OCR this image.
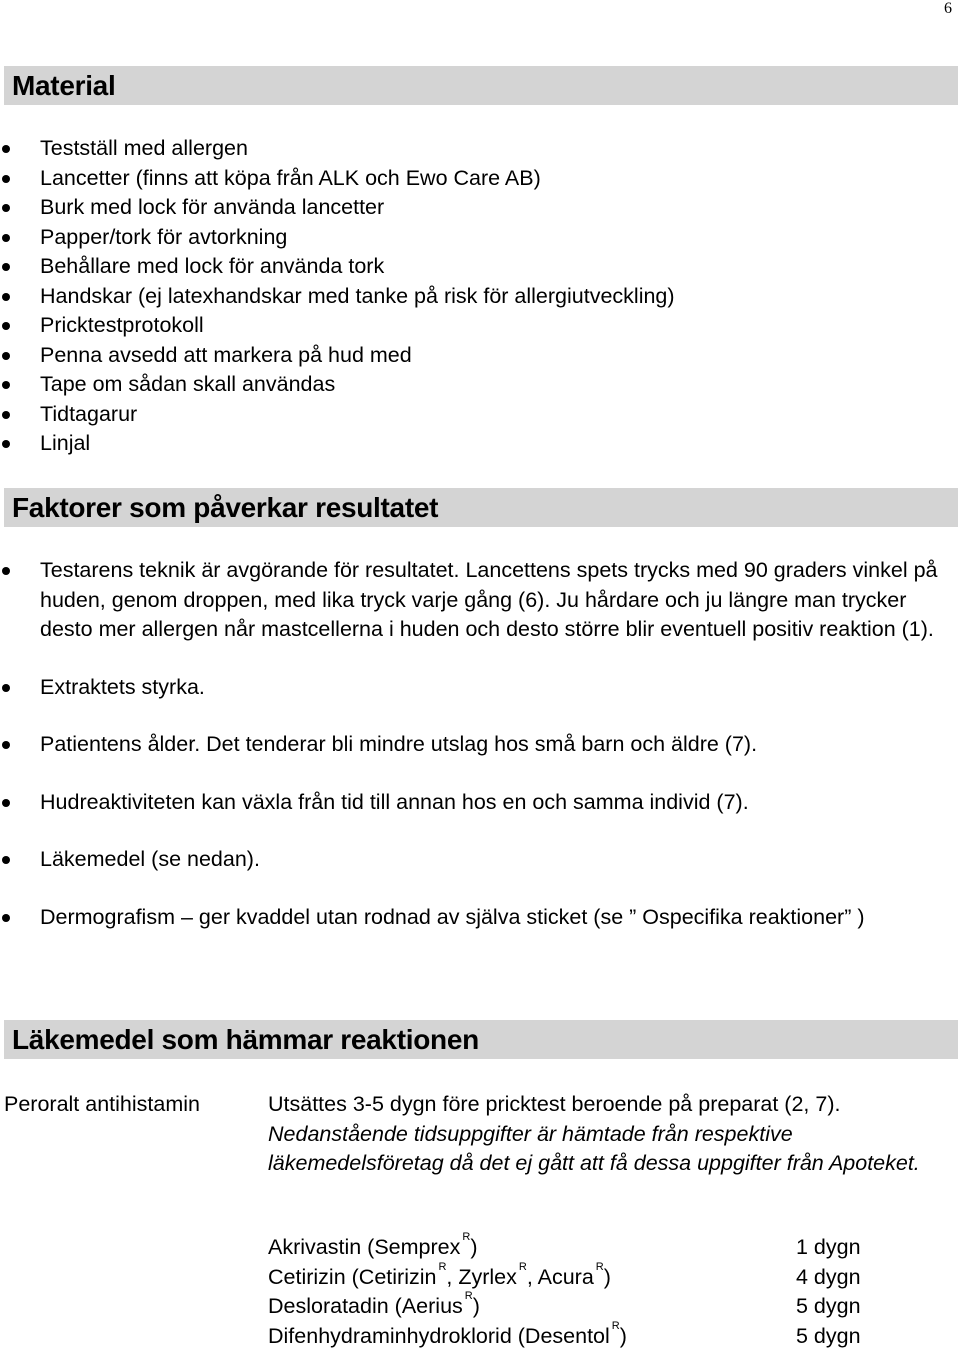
6
Material
Testställ med allergen
Lancetter (finns att köpa från ALK och Ewo Care AB)
Burk med lock för använda lancetter
Papper/tork för avtorkning
Behållare med lock för använda tork
Handskar (ej latexhandskar med tanke på risk för allergiutveckling)
Pricktestprotokoll
Penna avsedd att markera på hud med
Tape om sådan skall användas
Tidtagarur
Linjal
Faktorer som påverkar resultatet
Testarens teknik är avgörande för resultatet. Lancettens spets trycks med 90 graders vinkel på huden, genom droppen, med lika tryck varje gång (6). Ju hårdare och ju längre man trycker desto mer allergen når mastcellerna i huden och desto större blir eventuell positiv reaktion (1).
Extraktets styrka.
Patientens ålder. Det tenderar bli mindre utslag hos små barn och äldre (7).
Hudreaktiviteten kan växla från tid till annan hos en och samma individ (7).
Läkemedel (se nedan).
Dermografism – ger kvaddel utan rodnad av själva sticket (se ” Ospecifika reaktioner” )
Läkemedel som hämmar reaktionen
Peroralt antihistamin	Utsättes 3-5 dygn före pricktest beroende på preparat (2, 7).
Nedanstående tidsuppgifter är hämtade från respektive läkemedelsföretag då det ej gått att få dessa uppgifter från Apoteket.
Akrivastin (Semprex $^R$)	1 dygn
Cetirizin (Cetirizin $^R$, Zyrlex $^R$, Acura $^R$)	4 dygn
Desloratadin (Aerius $^R$)	5 dygn
Difenhydraminhydroklorid (Desentol $^R$)	5 dygn
